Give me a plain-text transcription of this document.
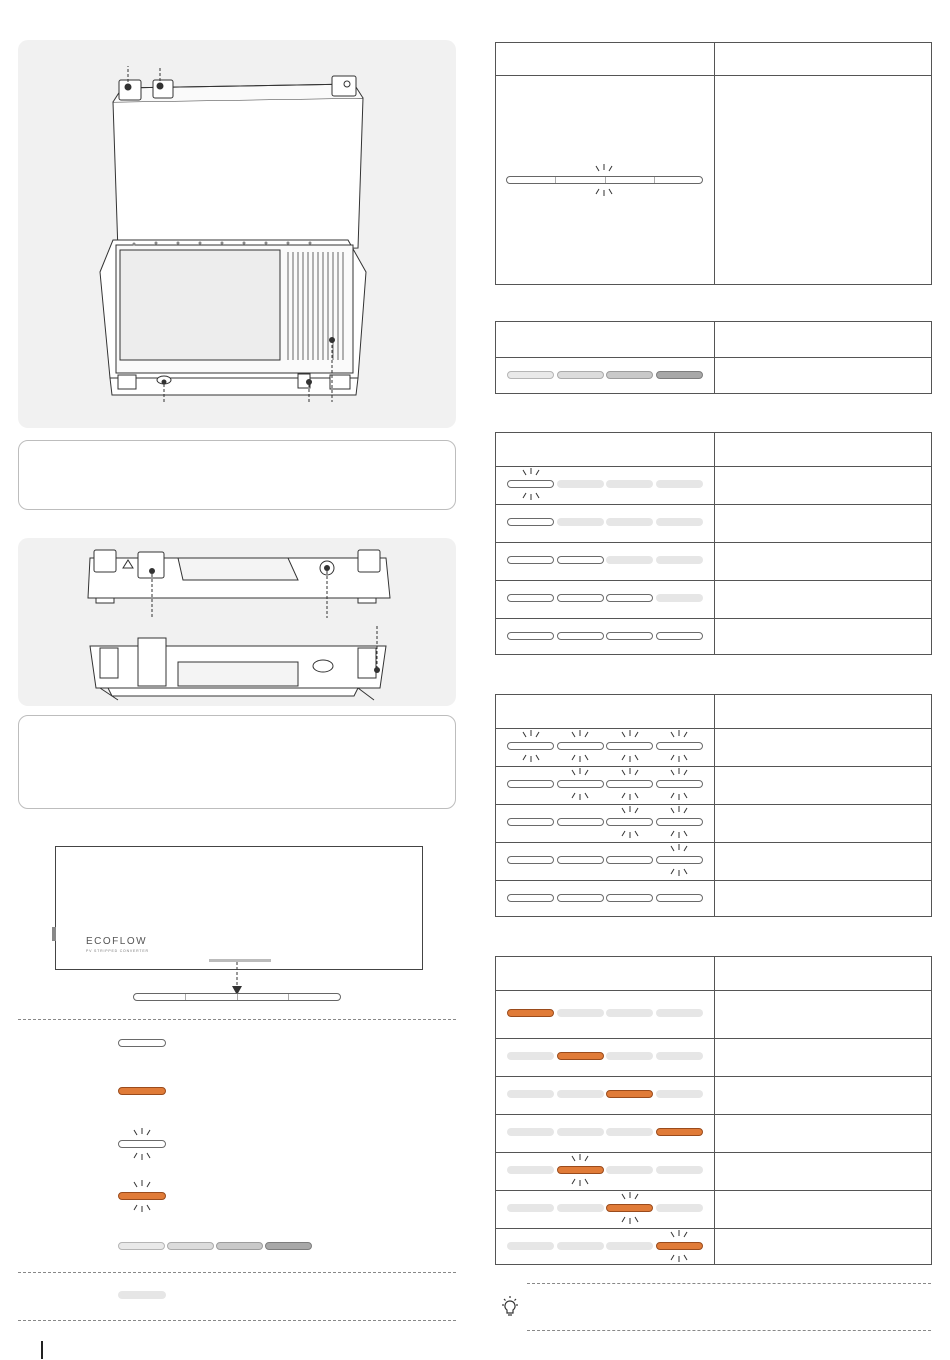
ECOFLOW
PV STRIPPED CONVERTER
